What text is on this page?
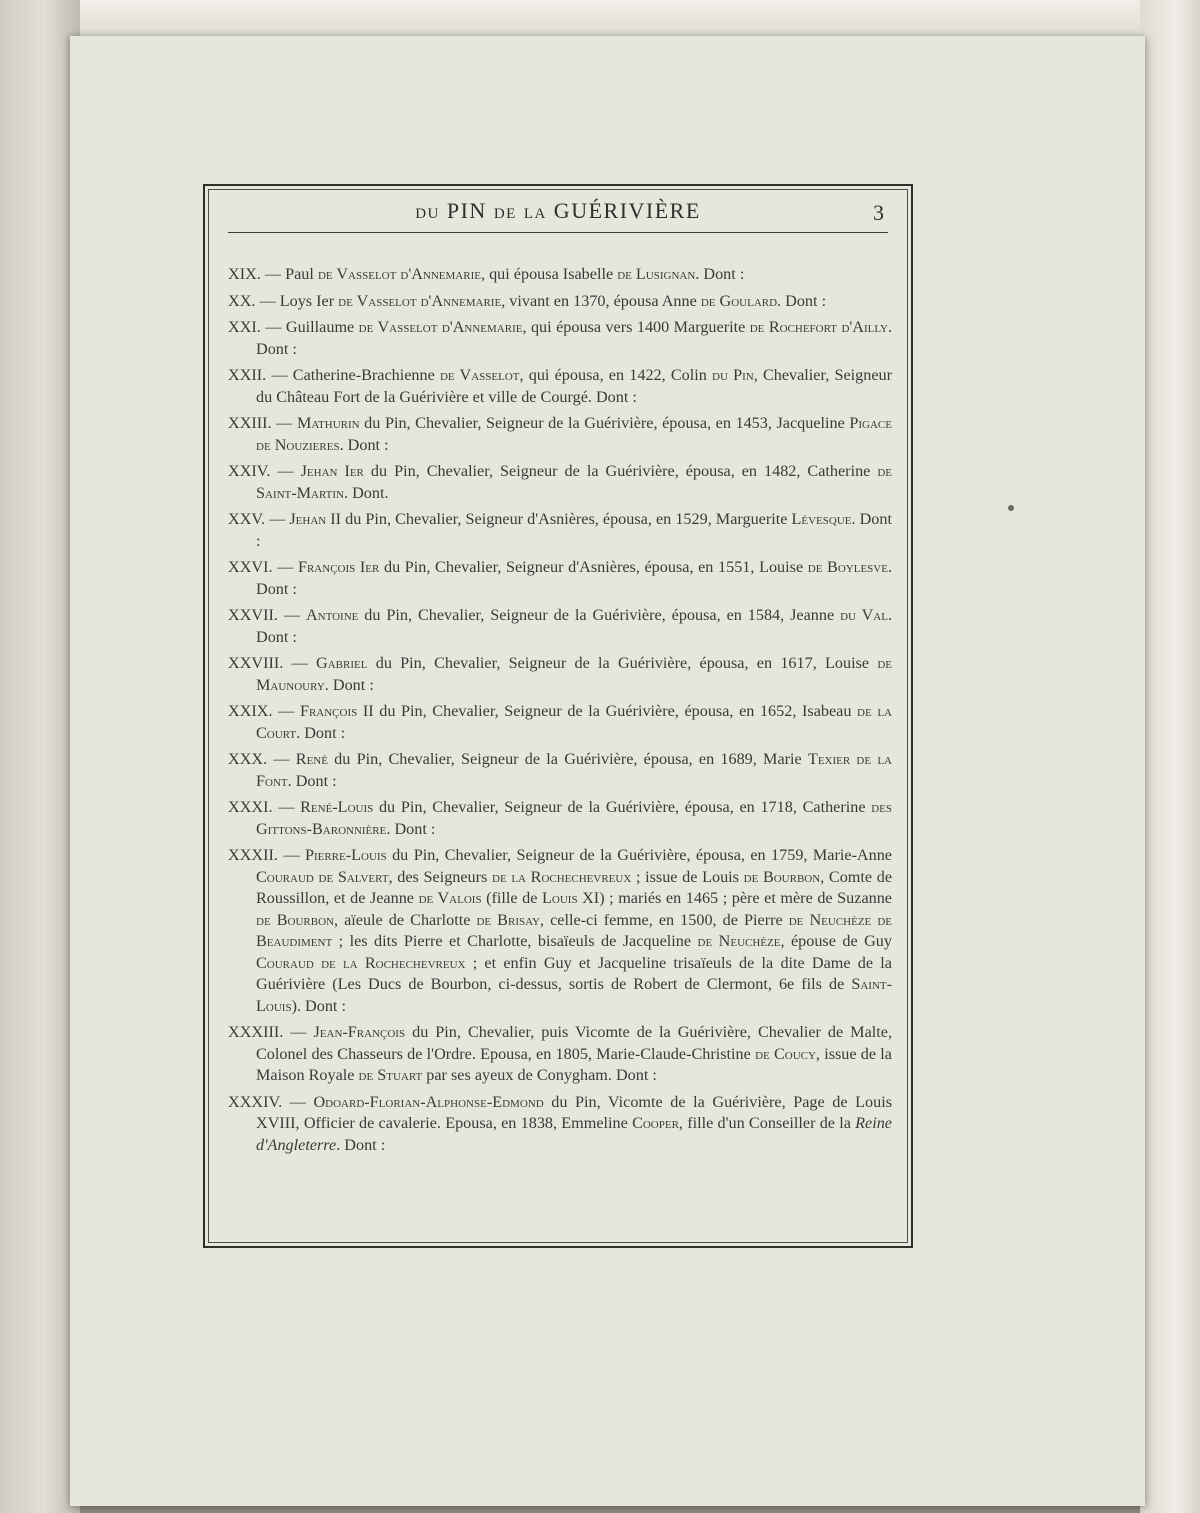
du PIN de la GUÉRIVIÈRE	3

XIX. — Paul de Vasselot d'Annemarie, qui épousa Isabelle de Lusignan. Dont :

XX. — Loys Ier de Vasselot d'Annemarie, vivant en 1370, épousa Anne de Goulard. Dont :

XXI. — Guillaume de Vasselot d'Annemarie, qui épousa vers 1400 Marguerite de Rochefort d'Ailly. Dont :

XXII. — Catherine-Brachienne de Vasselot, qui épousa, en 1422, Colin du Pin, Chevalier, Seigneur du Château Fort de la Guérivière et ville de Courgé. Dont :

XXIII. — Mathurin du Pin, Chevalier, Seigneur de la Guérivière, épousa, en 1453, Jacqueline Pigace de Nouzieres. Dont :

XXIV. — Jehan Ier du Pin, Chevalier, Seigneur de la Guérivière, épousa, en 1482, Catherine de Saint-Martin. Dont.

XXV. — Jehan II du Pin, Chevalier, Seigneur d'Asnières, épousa, en 1529, Marguerite Lévesque. Dont :

XXVI. — François Ier du Pin, Chevalier, Seigneur d'Asnières, épousa, en 1551, Louise de Boylesve. Dont :

XXVII. — Antoine du Pin, Chevalier, Seigneur de la Guérivière, épousa, en 1584, Jeanne du Val. Dont :

XXVIII. — Gabriel du Pin, Chevalier, Seigneur de la Guérivière, épousa, en 1617, Louise de Maunoury. Dont :

XXIX. — François II du Pin, Chevalier, Seigneur de la Guérivière, épousa, en 1652, Isabeau de la Court. Dont :

XXX. — René du Pin, Chevalier, Seigneur de la Guérivière, épousa, en 1689, Marie Texier de la Font. Dont :

XXXI. — René-Louis du Pin, Chevalier, Seigneur de la Guérivière, épousa, en 1718, Catherine des Gittons-Baronnière. Dont :

XXXII. — Pierre-Louis du Pin, Chevalier, Seigneur de la Guérivière, épousa, en 1759, Marie-Anne Couraud de Salvert, des Seigneurs de la Rochechevreux ; issue de Louis de Bourbon, Comte de Roussillon, et de Jeanne de Valois (fille de Louis XI) ; mariés en 1465 ; père et mère de Suzanne de Bourbon, aïeule de Charlotte de Brisay, celle-ci femme, en 1500, de Pierre de Neuchèze de Beaudiment ; les dits Pierre et Charlotte, bisaïeuls de Jacqueline de Neuchèze, épouse de Guy Couraud de la Rochechevreux ; et enfin Guy et Jacqueline trisaïeuls de la dite Dame de la Guérivière (Les Ducs de Bourbon, ci-dessus, sortis de Robert de Clermont, 6e fils de Saint-Louis). Dont :

XXXIII. — Jean-François du Pin, Chevalier, puis Vicomte de la Guérivière, Chevalier de Malte, Colonel des Chasseurs de l'Ordre. Epousa, en 1805, Marie-Claude-Christine de Coucy, issue de la Maison Royale de Stuart par ses ayeux de Conygham. Dont :

XXXIV. — Odoard-Florian-Alphonse-Edmond du Pin, Vicomte de la Guérivière, Page de Louis XVIII, Officier de cavalerie. Epousa, en 1838, Emmeline Cooper, fille d'un Conseiller de la Reine d'Angleterre. Dont :
